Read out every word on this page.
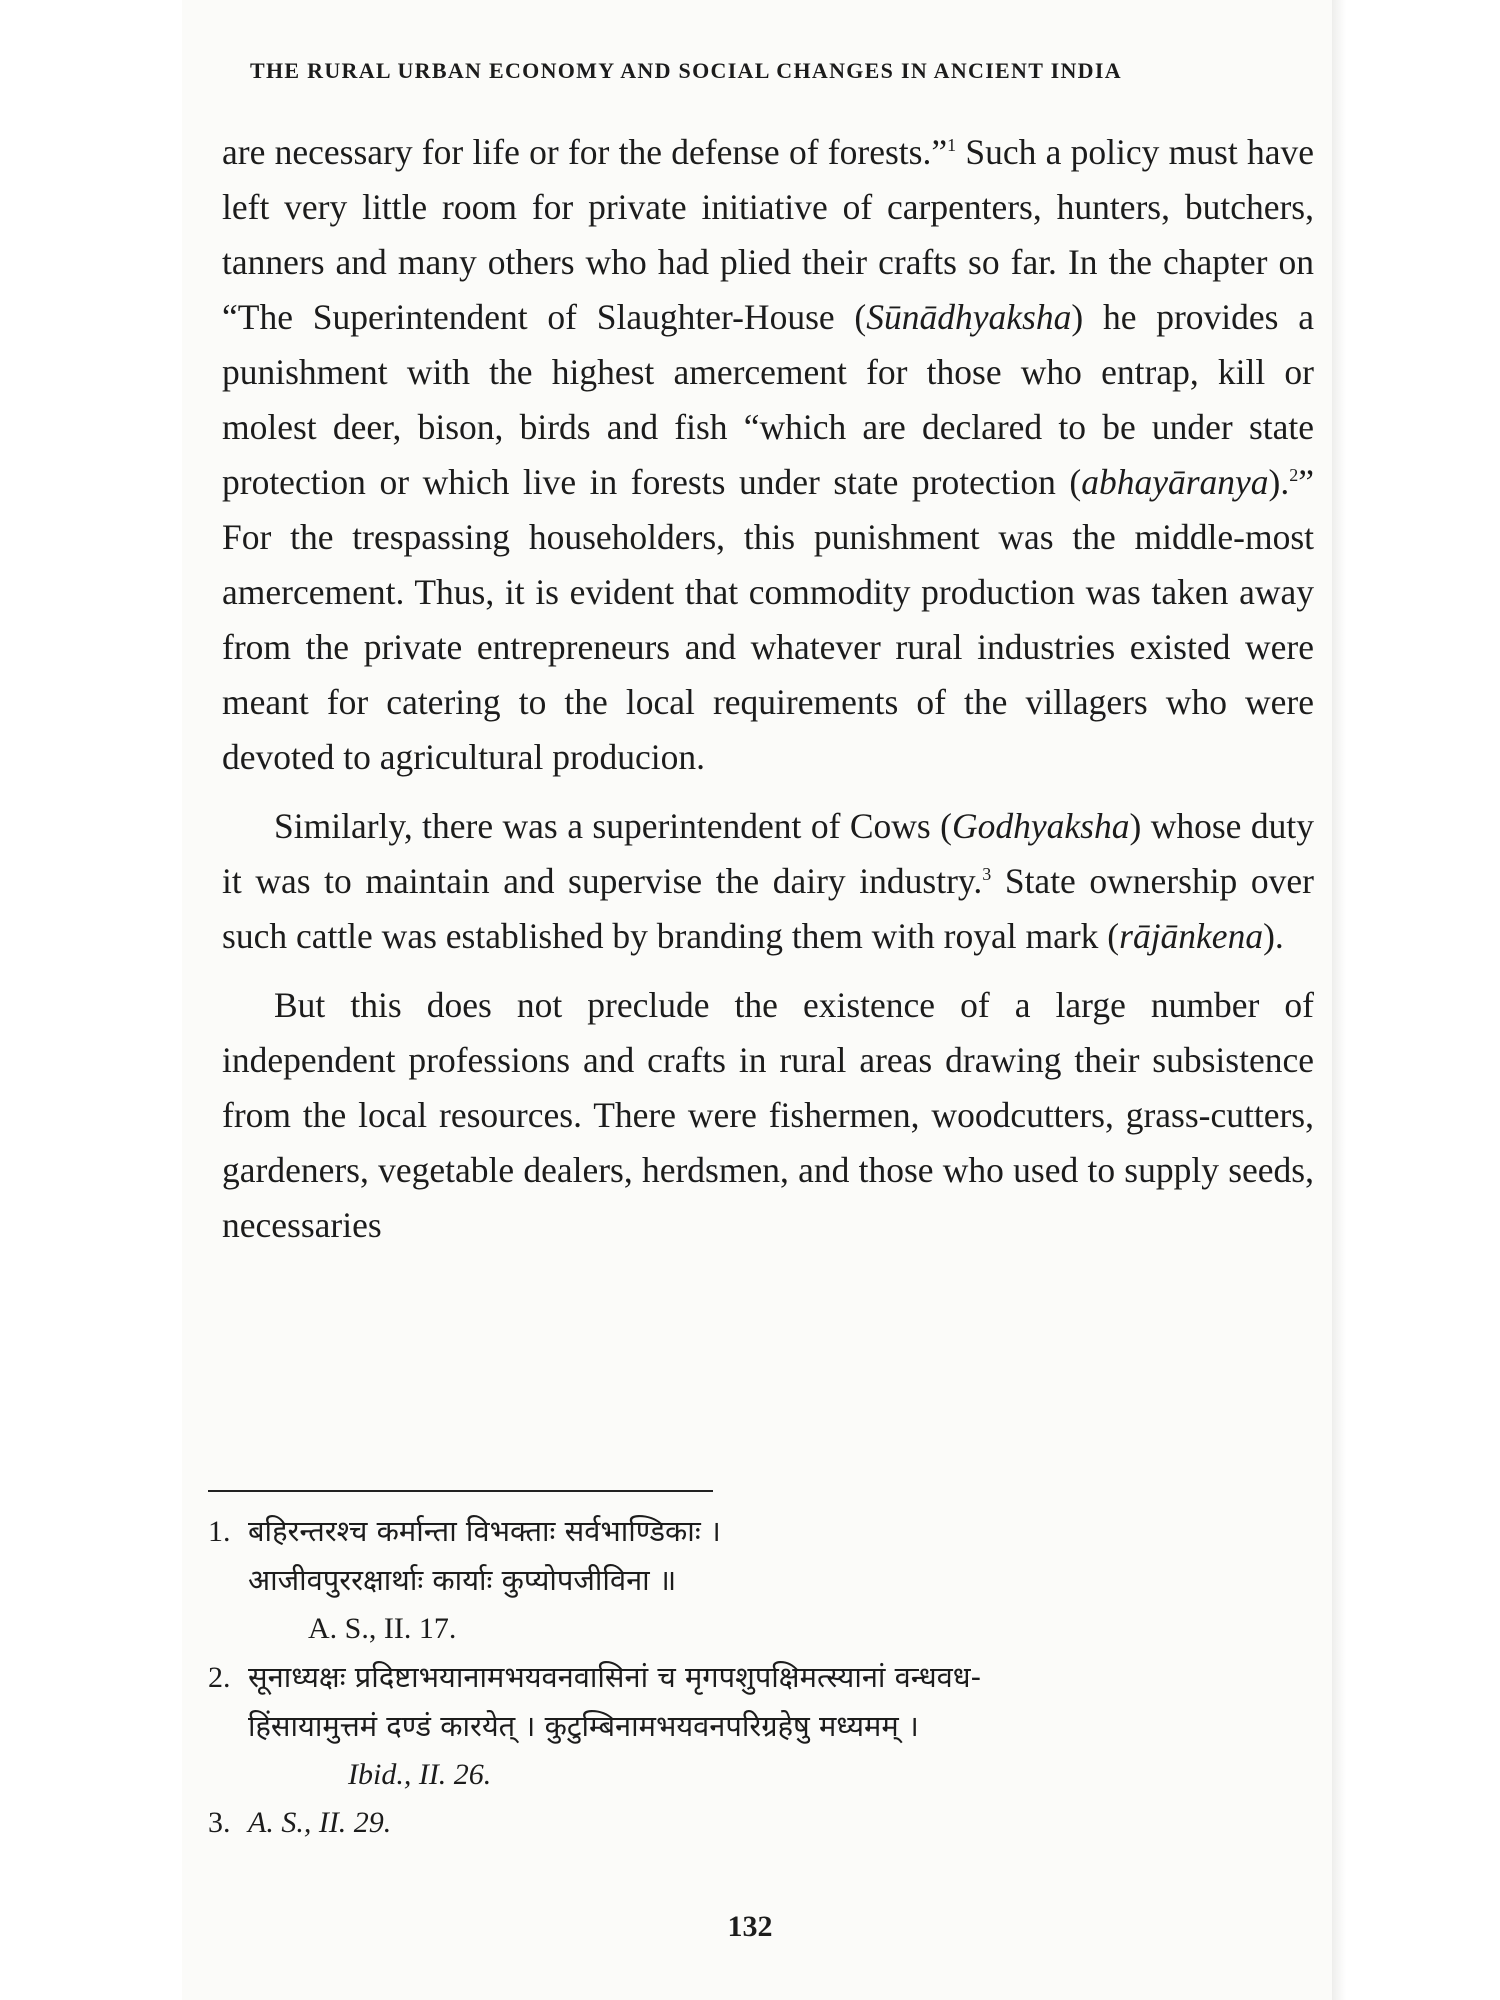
THE RURAL URBAN ECONOMY AND SOCIAL CHANGES IN ANCIENT INDIA

are necessary for life or for the defense of forests.”$^1$ Such a policy must have left very little room for private initiative of carpenters, hunters, butchers, tanners and many others who had plied their crafts so far. In the chapter on “The Superintendent of Slaughter-House (Sūnādhyaksha) he provides a punishment with the highest amercement for those who entrap, kill or molest deer, bison, birds and fish “which are declared to be under state protection or which live in forests under state protection (abhayāranya).$^2$” For the trespassing householders, this punishment was the middle-most amercement. Thus, it is evident that commodity production was taken away from the private entrepreneurs and whatever rural industries existed were meant for catering to the local requirements of the villagers who were devoted to agricultural producion.

Similarly, there was a superintendent of Cows (Godhyaksha) whose duty it was to maintain and supervise the dairy industry.$^3$ State ownership over such cattle was established by branding them with royal mark (rājānkena).

But this does not preclude the existence of a large number of independent professions and crafts in rural areas drawing their subsistence from the local resources. There were fishermen, woodcutters, grass-cutters, gardeners, vegetable dealers, herdsmen, and those who used to supply seeds, necessaries

1. बहिरन्तरश्च कर्मान्ता विभक्ताः सर्वभाण्डिकाः ।
आजीवपुररक्षार्थाः कार्याः कुप्योपजीविना ॥
A. S., II. 17.
2. सूनाध्यक्षः प्रदिष्टाभयानामभयवनवासिनां च मृगपशुपक्षिमत्स्यानां वन्धवध-
हिंसायामुत्तमं दण्डं कारयेत् । कुटुम्बिनामभयवनपरिग्रहेषु मध्यमम् ।
Ibid., II. 26.
3. A. S., II. 29.
132
